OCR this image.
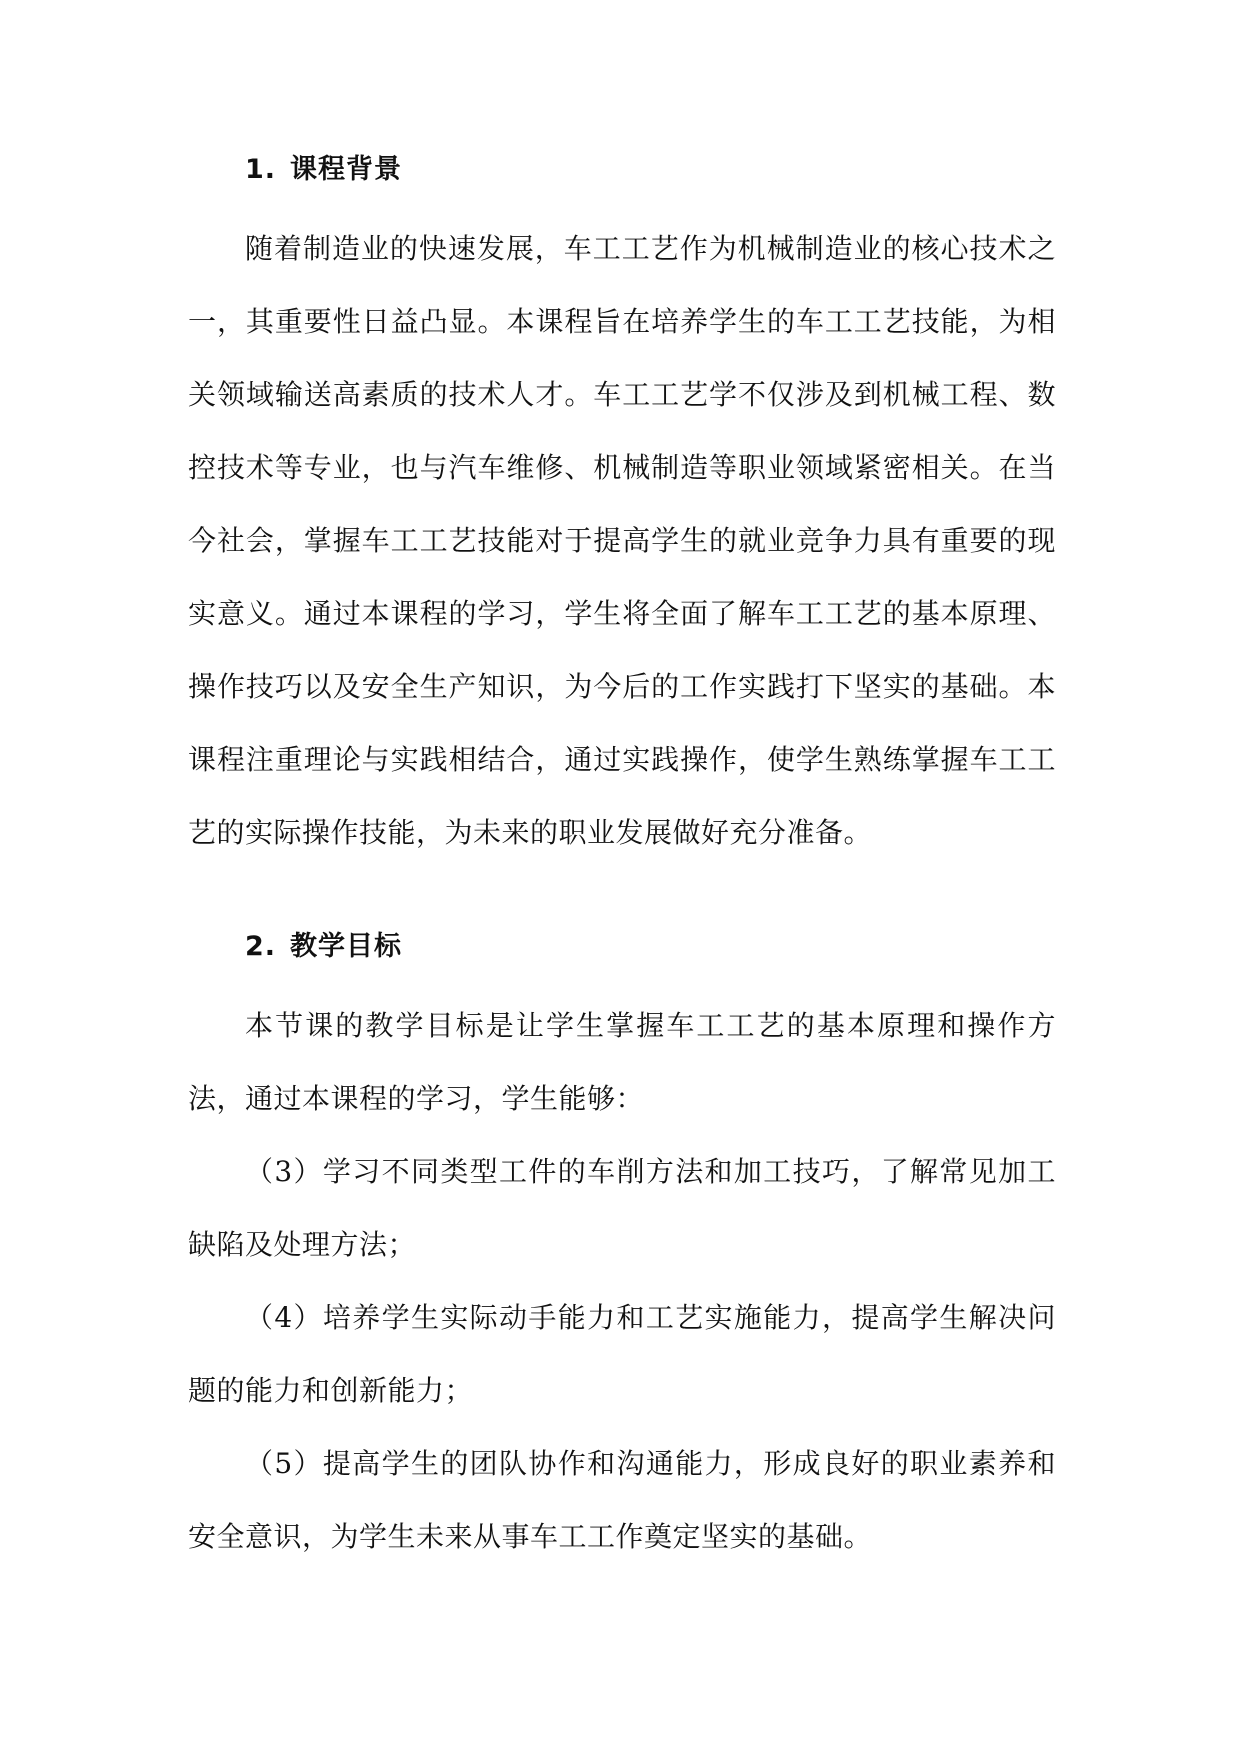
1. 课程背景

随着制造业的快速发展，车工工艺作为机械制造业的核心技术之一，其重要性日益凸显。本课程旨在培养学生的车工工艺技能，为相关领域输送高素质的技术人才。车工工艺学不仅涉及到机械工程、数控技术等专业，也与汽车维修、机械制造等职业领域紧密相关。在当今社会，掌握车工工艺技能对于提高学生的就业竞争力具有重要的现实意义。通过本课程的学习，学生将全面了解车工工艺的基本原理、操作技巧以及安全生产知识，为今后的工作实践打下坚实的基础。本课程注重理论与实践相结合，通过实践操作，使学生熟练掌握车工工艺的实际操作技能，为未来的职业发展做好充分准备。

2. 教学目标

本节课的教学目标是让学生掌握车工工艺的基本原理和操作方法，通过本课程的学习，学生能够：

（3）学习不同类型工件的车削方法和加工技巧，了解常见加工缺陷及处理方法；

（4）培养学生实际动手能力和工艺实施能力，提高学生解决问题的能力和创新能力；

（5）提高学生的团队协作和沟通能力，形成良好的职业素养和安全意识，为学生未来从事车工工作奠定坚实的基础。
